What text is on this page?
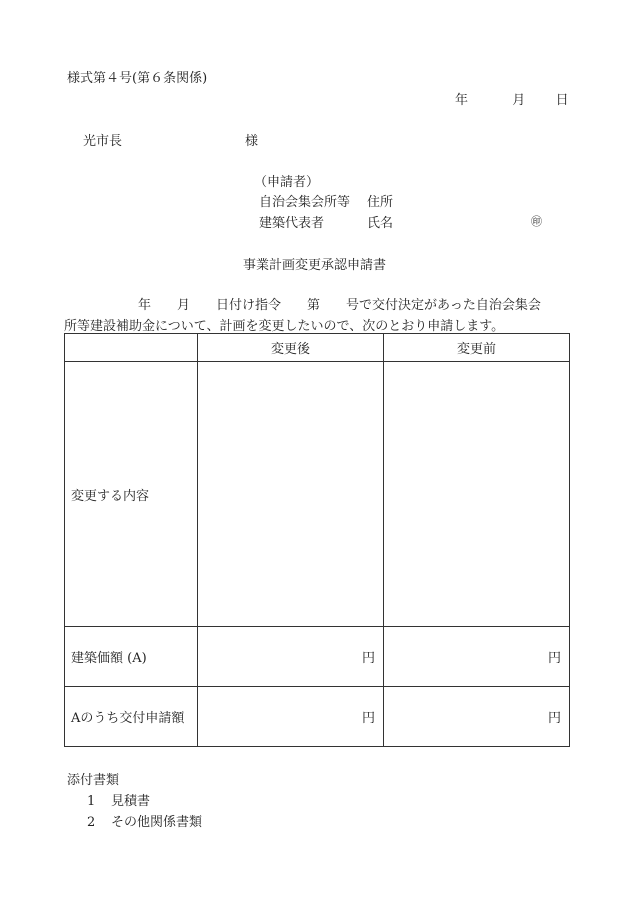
様式第４号(第６条関係)
年	月 日
光市長	様
（申請者）
自治会集会所等 住所
建築代表者	氏名	㊞
事業計画変更承認申請書
年　　月　　日付け指令　　第　　号で交付決定があった自治会集会
所等建設補助金について、計画を変更したいので、次のとおり申請します。
	変更後	変更前
変更する内容		
建築価額 (A)	円	円
Aのうち交付申請額	円	円
添付書類
1 見積書
2 その他関係書類
